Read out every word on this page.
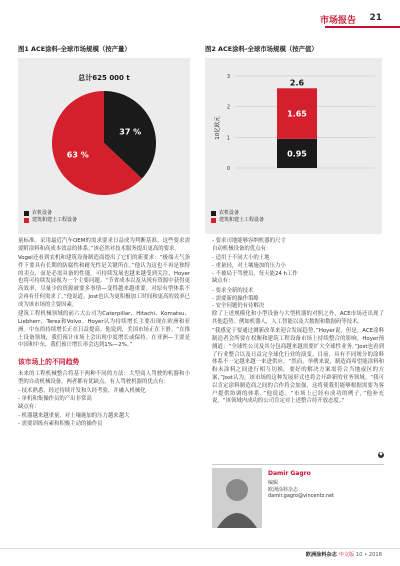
市场报告 21
图1 ACE涂料-全球市场规模（按产量）
总计625 000 t
37 %
63 %
农机设备
建筑和建土工程设备
图2 ACE涂料-全球市场规模（按产值）
0
1
2
3
0.95
1.65
2.6
10亿欧元
农机设备
建筑和建土工程设备

量标准。采用最近汽车OEM的需求要求日益成为判断基准。这些要求需要附涂料和高成本效益的体系，”该必然对技术服务提出更高的要求。

Vogel还看到农机和建筑设备制造商提出了它们的新要求：“极端天气条件下要具有长期的防腐性和耐光性是关键所在。”他认为这也不再是独特的卖点，而是必需具备的性能。可持续发展也越来越受到关注，Hoyer也将可持续发展视为一个主要问题。“节省成本以及从现有资源中获得更高效率，尽量少的资源被要多事情—变得越来越重要。对原有型体系不会再有任何需求了，”他说道。Jost也认为更积极加工时间和更高的效率已成为该市场的主要因素。

建筑工程机械领域的前六大公司为Caterpillar、Hitachi、Komatsu、Liebherr、Terex和Volvo。Hoyer认为持续增长主要出现在欧洲和亚洲。中东的持续增长正在日益提高。他说到，美国市场正在下滑。“在推土设备领域，我们预计市场上会出现中度增长或保持。在亚洲—主要是中国和中东，我们预计增长率会达到1%—2%。”

该市场上的不同趋势

未来的工程机械整合将基于两种不同的方法：大型商人驾驶的机器和小型的自动机械设备，两者都有优缺点。有人驾驶机器的优点有：

- 技术熟悉，经过持续开发和久经考验，并融入机械化

- 单机和集操作员的产出非常高

缺点有：

- 机器越来越重量，对土壤施加的压力越来越大

- 需要训练有素和积极主动的操作员

- 要求司地能够容纳机器的尺寸

自动机械设备的优点有：

- 适用于不同大小的土地

- 重量轻，对土壤施加的压力小

- 不被局于驾驶员，每天能24 h工作

缺点有：

- 要求全新的技术

- 需要新的操作策略

- 安全问题仍有待解决

除了上述规模化和小型设备与大型机器的对照之外，ACE市场还出现了其他趋势。例如机器人，人工智能以及大数据和数据码等技术。

“我感觉于要通过测新改革来迎合发展趋势，”Hoyer说，但是，ACE涂料制造者会所要在权衡和建筑工程设备市场上持续整合的影响。Hoyer预测道：“全球性公司及其分包商越来越需要扩大全球性业务。”Jost也看到了行业整合以及日益完全球化行业的演变。目前，具有不同规分的涂料体系不一定越来越一来进供应。“然而，举例来说，制造商希望能涂料和粉末涂料之间进行相互切换。要好的解决方案需符合当地或区的方案，”Jost认为，该市场的这种发展形式也将会开辟新的业务领域。“我可以肯定涂料制造商之间的合作将会加强，这将使我们能够根据需要为客户提供协调的体系，”他说道。“市场上已经有成功的例子，”他补充说，“该领域内成功的公司肯定对上述整合持开放态度。”

◆
Damir Gagro
编辑
欧洲涂料杂志
damir.gagro@vincentz.net
欧洲涂料杂志 中文版 10 • 2018
